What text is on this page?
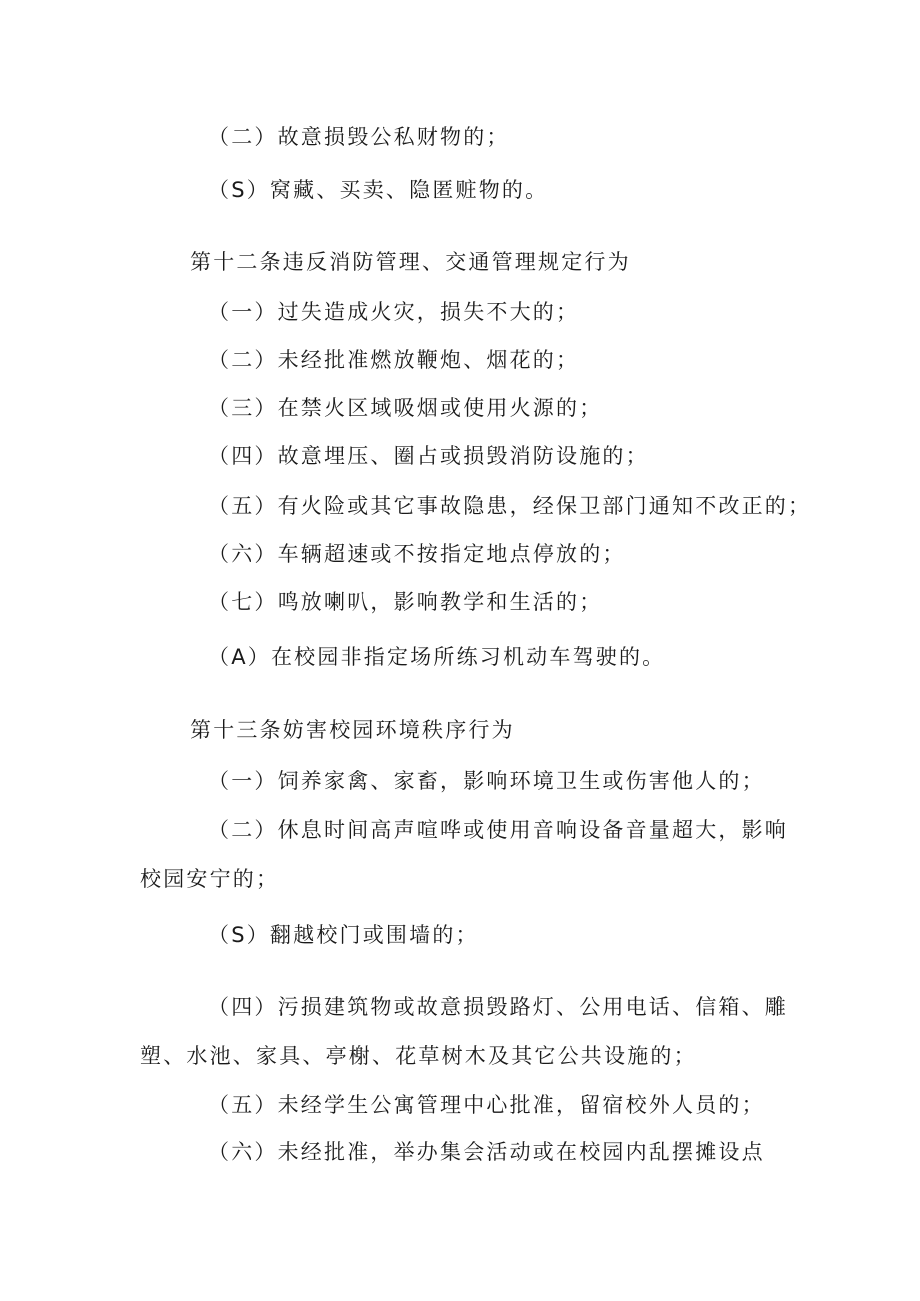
（二）故意损毁公私财物的；
（S）窝藏、买卖、隐匿赃物的。
第十二条违反消防管理、交通管理规定行为
（一）过失造成火灾，损失不大的；
（二）未经批准燃放鞭炮、烟花的；
（三）在禁火区域吸烟或使用火源的；
（四）故意埋压、圈占或损毁消防设施的；
（五）有火险或其它事故隐患，经保卫部门通知不改正的；
（六）车辆超速或不按指定地点停放的；
（七）鸣放喇叭，影响教学和生活的；
（A）在校园非指定场所练习机动车驾驶的。
第十三条妨害校园环境秩序行为
（一）饲养家禽、家畜，影响环境卫生或伤害他人的；
（二）休息时间高声喧哗或使用音响设备音量超大，影响
校园安宁的；
（S）翻越校门或围墙的；
（四）污损建筑物或故意损毁路灯、公用电话、信箱、雕
塑、水池、家具、亭榭、花草树木及其它公共设施的；
（五）未经学生公寓管理中心批准，留宿校外人员的；
（六）未经批准，举办集会活动或在校园内乱摆摊设点
